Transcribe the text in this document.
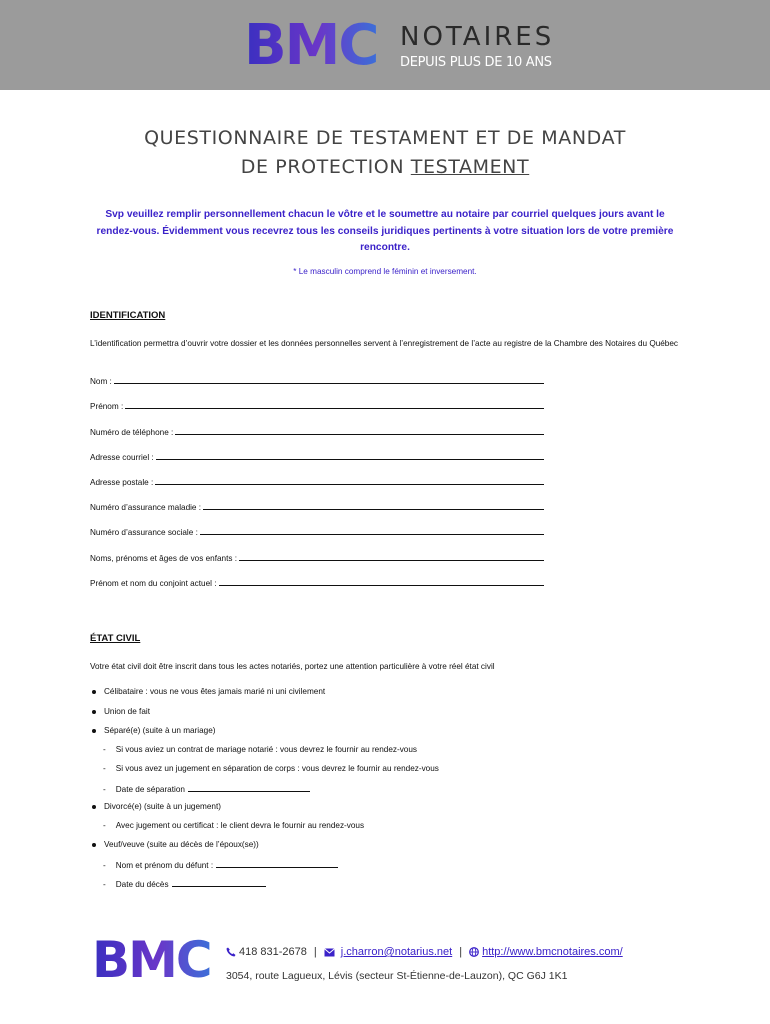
BMC NOTAIRES
DEPUIS PLUS DE 10 ANS
QUESTIONNAIRE DE TESTAMENT ET DE MANDAT
DE PROTECTION TESTAMENT
Svp veuillez remplir personnellement chacun le vôtre et le soumettre au notaire par courriel quelques jours avant le rendez-vous. Évidemment vous recevrez tous les conseils juridiques pertinents à votre situation lors de votre première rencontre.
* Le masculin comprend le féminin et inversement.
IDENTIFICATION
L’identification permettra d’ouvrir votre dossier et les données personnelles servent à l’enregistrement de l’acte au registre de la Chambre des Notaires du Québec
Nom :
Prénom :
Numéro de téléphone :
Adresse courriel :
Adresse postale :
Numéro d’assurance maladie :
Numéro d’assurance sociale :
Noms, prénoms et âges de vos enfants :
Prénom et nom du conjoint actuel :
ÉTAT CIVIL
Votre état civil doit être inscrit dans tous les actes notariés, portez une attention particulière à votre réel état civil
Célibataire : vous ne vous êtes jamais marié ni uni civilement
Union de fait
Séparé(e) (suite à un mariage)
- Si vous aviez un contrat de mariage notarié : vous devrez le fournir au rendez-vous
- Si vous avez un jugement en séparation de corps : vous devrez le fournir au rendez-vous
- Date de séparation
Divorcé(e) (suite à un jugement)
- Avec jugement ou certificat : le client devra le fournir au rendez-vous
Veuf/veuve (suite au décès de l’époux(se))
- Nom et prénom du défunt :
- Date du décès
BMC	418 831-2678 | j.charron@notarius.net | http://www.bmcnotaires.com/
3054, route Lagueux, Lévis (secteur St-Étienne-de-Lauzon), QC G6J 1K1
